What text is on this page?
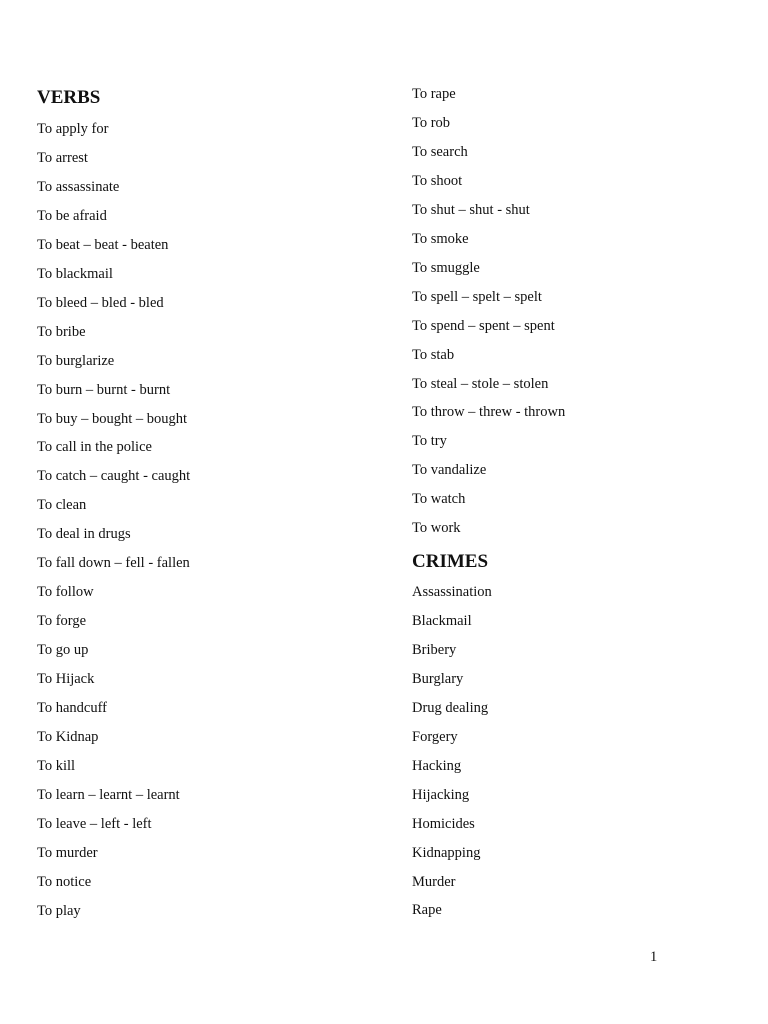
VERBS
To apply for
To arrest
To assassinate
To be afraid
To beat – beat - beaten
To blackmail
To bleed – bled - bled
To bribe
To burglarize
To burn – burnt - burnt
To buy – bought – bought
To call in the police
To catch – caught - caught
To clean
To deal in drugs
To fall down – fell - fallen
To follow
To forge
To go up
To Hijack
To handcuff
To Kidnap
To kill
To learn – learnt – learnt
To leave – left - left
To murder
To notice
To play
To rape
To rob
To search
To shoot
To shut – shut - shut
To smoke
To smuggle
To spell – spelt – spelt
To spend – spent – spent
To stab
To steal – stole – stolen
To throw – threw - thrown
To try
To vandalize
To watch
To work
CRIMES
Assassination
Blackmail
Bribery
Burglary
Drug dealing
Forgery
Hacking
Hijacking
Homicides
Kidnapping
Murder
Rape
1
